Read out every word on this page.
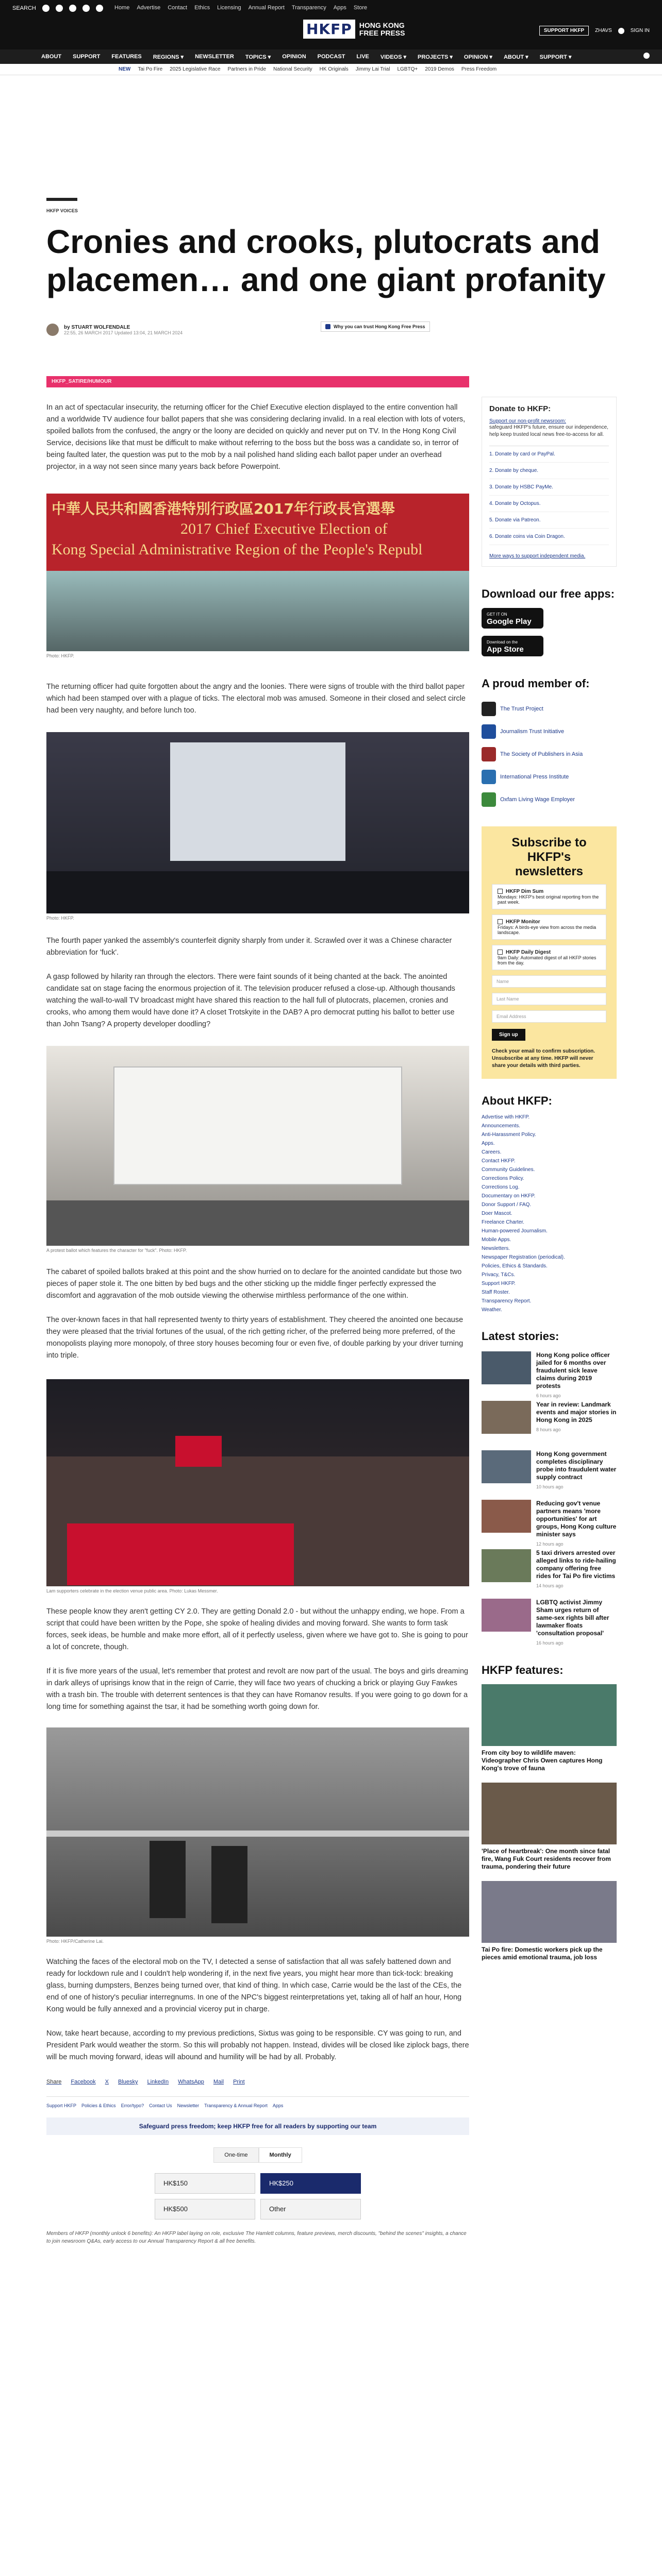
SEARCH	Home Advertise Contact Ethics Licensing Annual Report Transparency Apps Store
HKFP	HONG KONG
FREE PRESS	SUPPORT HKFP	ZHAVS	SIGN IN
ABOUT SUPPORT FEATURES REGIONS ▾ NEWSLETTER TOPICS ▾ OPINION PODCAST LIVE VIDEOS ▾ PROJECTS ▾ OPINION ▾ ABOUT ▾ SUPPORT ▾
NEW Tai Po Fire 2025 Legislative Race Partners in Pride National Security HK Originals Jimmy Lai Trial LGBTQ+ 2019 Demos Press Freedom
HKFP VOICES
Cronies and crooks, plutocrats and placemen… and one giant profanity
by STUART WOLFENDALE
22:55, 26 MARCH 2017 Updated 13:04, 21 MARCH 2024
Why you can trust Hong Kong Free Press
HKFP_SATIRE/HUMOUR

In an act of spectacular insecurity, the returning officer for the Chief Executive election displayed to the entire convention hall and a worldwide TV audience four ballot papers that she was considering declaring invalid. In a real election with lots of voters, spoiled ballots from the confused, the angry or the loony are decided on quickly and never put on TV. In the Hong Kong Civil Service, decisions like that must be difficult to make without referring to the boss but the boss was a candidate so, in terror of being faulted later, the question was put to the mob by a nail polished hand sliding each ballot paper under an overhead projector, in a way not seen since many years back before Powerpoint.

中華人民共和國香港特別行政區2017年行政長官選舉
2017 Chief Executive Election of
Kong Special Administrative Region of the People's Republ
Photo: HKFP.

The returning officer had quite forgotten about the angry and the loonies. There were signs of trouble with the third ballot paper which had been stamped over with a plague of ticks. The electoral mob was amused. Someone in their closed and select circle had been very naughty, and before lunch too.

Photo: HKFP.

The fourth paper yanked the assembly's counterfeit dignity sharply from under it. Scrawled over it was a Chinese character abbreviation for 'fuck'.

A gasp followed by hilarity ran through the electors. There were faint sounds of it being chanted at the back. The anointed candidate sat on stage facing the enormous projection of it. The television producer refused a close-up. Although thousands watching the wall-to-wall TV broadcast might have shared this reaction to the hall full of plutocrats, placemen, cronies and crooks, who among them would have done it? A closet Trotskyite in the DAB? A pro democrat putting his ballot to better use than John Tsang? A property developer doodling?

A protest ballot which features the character for "fuck". Photo: HKFP.

The cabaret of spoiled ballots braked at this point and the show hurried on to declare for the anointed candidate but those two pieces of paper stole it. The one bitten by bed bugs and the other sticking up the middle finger perfectly expressed the discomfort and aggravation of the mob outside viewing the otherwise mirthless performance of the one within.

The over-known faces in that hall represented twenty to thirty years of establishment. They cheered the anointed one because they were pleased that the trivial fortunes of the usual, of the rich getting richer, of the preferred being more preferred, of the monopolists playing more monopoly, of three story houses becoming four or even five, of double parking by your driver turning into triple.

Lam supporters celebrate in the election venue public area. Photo: Lukas Messmer.

These people know they aren't getting CY 2.0. They are getting Donald 2.0 - but without the unhappy ending, we hope. From a script that could have been written by the Pope, she spoke of healing divides and moving forward. She wants to form task forces, seek ideas, be humble and make more effort, all of it perfectly useless, given where we have got to. She is going to pour a lot of concrete, though.

If it is five more years of the usual, let's remember that protest and revolt are now part of the usual. The boys and girls dreaming in dark alleys of uprisings know that in the reign of Carrie, they will face two years of chucking a brick or playing Guy Fawkes with a trash bin. The trouble with deterrent sentences is that they can have Romanov results. If you were going to go down for a long time for something against the tsar, it had be something worth going down for.

Photo: HKFP/Catherine Lai.

Watching the faces of the electoral mob on the TV, I detected a sense of satisfaction that all was safely battened down and ready for lockdown rule and I couldn't help wondering if, in the next five years, you might hear more than tick-tock: breaking glass, burning dumpsters, Benzes being turned over, that kind of thing. In which case, Carrie would be the last of the CEs, the end of one of history's peculiar interregnums. In one of the NPC's biggest reinterpretations yet, taking all of half an hour, Hong Kong would be fully annexed and a provincial viceroy put in charge.

Now, take heart because, according to my previous predictions, Sixtus was going to be responsible. CY was going to run, and President Park would weather the storm. So this will probably not happen. Instead, divides will be closed like ziplock bags, there will be much moving forward, ideas will abound and humility will be had by all. Probably.

Share Facebook X Bluesky LinkedIn WhatsApp Mail Print
Support HKFP Policies & Ethics Error/typo? Contact Us Newsletter Transparency & Annual Report Apps
Safeguard press freedom; keep HKFP free for all readers by supporting our team
One-time	Monthly
HK$150	HK$250
HK$500	Other
Members of HKFP (monthly unlock 6 benefits): An HKFP label laying on role, exclusive The Hamlett columns, feature previews, merch discounts, "behind the scenes" insights, a chance to join newsroom Q&As, early access to our Annual Transparency Report & all free benefits.
Donate to HKFP:
Support our non-profit newsroom:
safeguard HKFP's future, ensure our independence, help keep trusted local news free-to-access for all.
1. Donate by card or PayPal.
2. Donate by cheque.
3. Donate by HSBC PayMe.
4. Donate by Octopus.
5. Donate via Patreon.
6. Donate coins via Coin Dragon.
More ways to support independent media.
Download our free apps:
GET IT ON
Google Play
Download on the
App Store
A proud member of:
The Trust Project
Journalism Trust Initiative
The Society of Publishers in Asia
International Press Institute
Oxfam Living Wage Employer
Subscribe to HKFP's newsletters
HKFP Dim Sum
Mondays: HKFP's best original reporting from the past week.
HKFP Monitor
Fridays: A birds-eye view from across the media landscape.
HKFP Daily Digest
9am Daily: Automated digest of all HKFP stories from the day.
Name
Last Name
Email Address
Sign up
Check your email to confirm subscription. Unsubscribe at any time. HKFP will never share your details with third parties.
About HKFP:
Advertise with HKFP.
Announcements.
Anti-Harassment Policy.
Apps.
Careers.
Contact HKFP.
Community Guidelines.
Corrections Policy.
Corrections Log.
Documentary on HKFP.
Donor Support / FAQ.
Doer Mascot.
Freelance Charter.
Human-powered Journalism.
Mobile Apps.
Newsletters.
Newspaper Registration (periodical).
Policies, Ethics & Standards.
Privacy, T&Cs.
Support HKFP.
Staff Roster.
Transparency Report.
Weather.
Latest stories:
Hong Kong police officer jailed for 6 months over fraudulent sick leave claims during 2019 protests
6 hours ago
Year in review: Landmark events and major stories in Hong Kong in 2025
8 hours ago
Hong Kong government completes disciplinary probe into fraudulent water supply contract
10 hours ago
Reducing gov't venue partners means 'more opportunities' for art groups, Hong Kong culture minister says
12 hours ago
5 taxi drivers arrested over alleged links to ride-hailing company offering free rides for Tai Po fire victims
14 hours ago
LGBTQ activist Jimmy Sham urges return of same-sex rights bill after lawmaker floats 'consultation proposal'
16 hours ago
HKFP features:
From city boy to wildlife maven: Videographer Chris Owen captures Hong Kong's trove of fauna
'Place of heartbreak': One month since fatal fire, Wang Fuk Court residents recover from trauma, pondering their future
Tai Po fire: Domestic workers pick up the pieces amid emotional trauma, job loss
